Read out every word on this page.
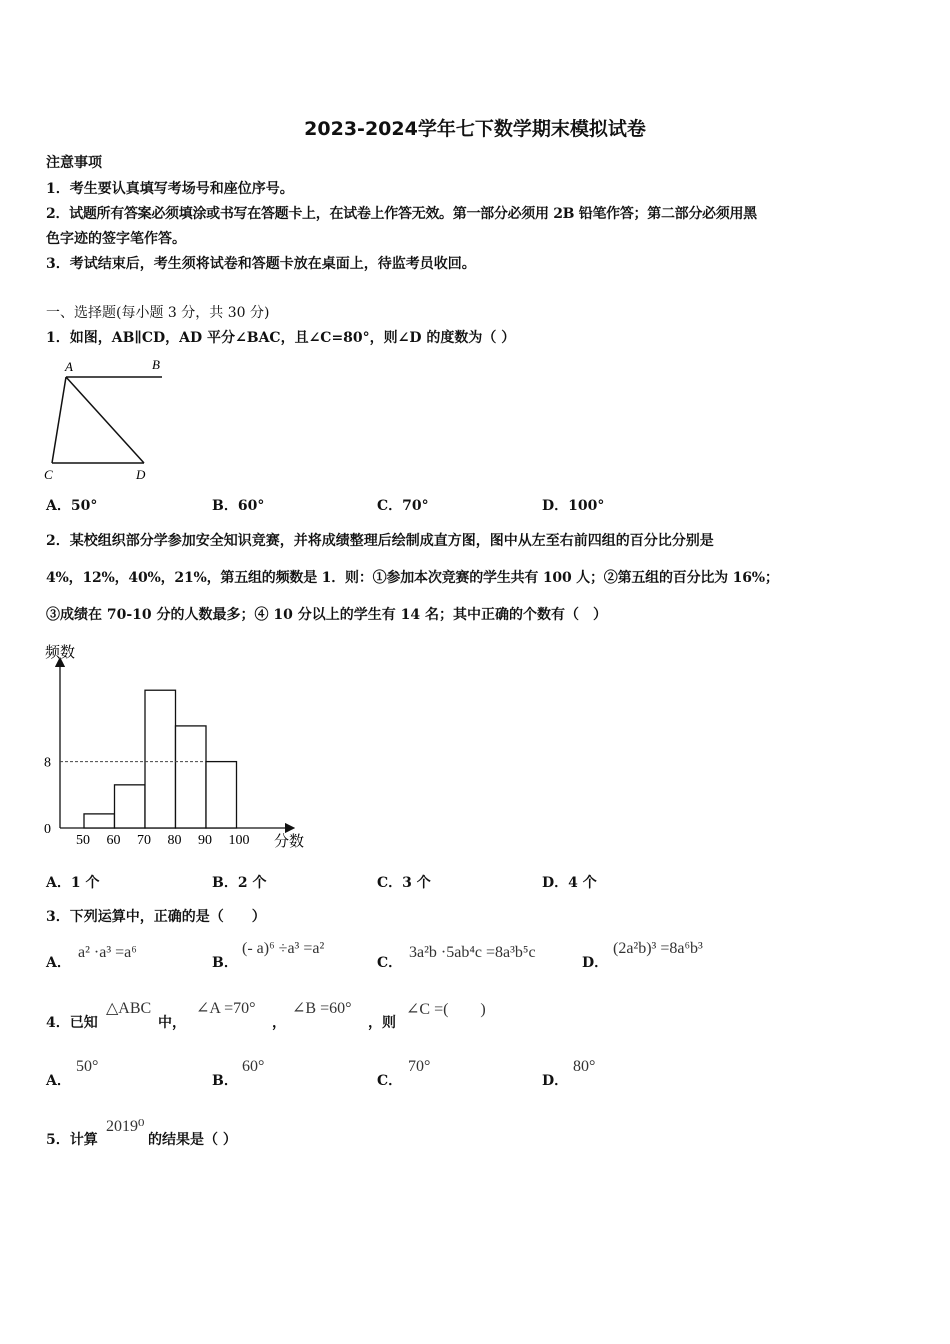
2023-2024学年七下数学期末模拟试卷
注意事项
1．考生要认真填写考场号和座位序号。
2．试题所有答案必须填涂或书写在答题卡上，在试卷上作答无效。第一部分必须用 2B 铅笔作答；第二部分必须用黑
色字迹的签字笔作答。
3．考试结束后，考生须将试卷和答题卡放在桌面上，待监考员收回。
一、选择题(每小题 3 分，共 30 分)
1．如图，AB∥CD，AD 平分∠BAC，且∠C=80°，则∠D 的度数为（ ）
A	B
C	D
A．50°	B．60°	C．70°	D．100°
2．某校组织部分学参加安全知识竞赛，并将成绩整理后绘制成直方图，图中从左至右前四组的百分比分别是
4%，12%，40%，21%，第五组的频数是 1．则：①参加本次竞赛的学生共有 100 人；②第五组的百分比为 16%；
③成绩在 70-10 分的人数最多；④ 10 分以上的学生有 14 名；其中正确的个数有（　）
频数
分数
50 60 70 80 90 100
0
8
A．1 个	B．2 个	C．3 个	D．4 个
3．下列运算中，正确的是（　　）
A．
a² ·a³ =a⁶
B．
(- a)⁶ ÷a³ =a²
C．
3a²b ·5ab⁴c =8a³b⁵c
D．
(2a²b)³ =8a⁶b³
4．已知
△ABC
中，
∠A =70°
，
∠B =60°
，则
∠C =(　　)
A．
50°
B．
60°
C．
70°
D．
80°
5．计算
2019⁰
的结果是（ ）
